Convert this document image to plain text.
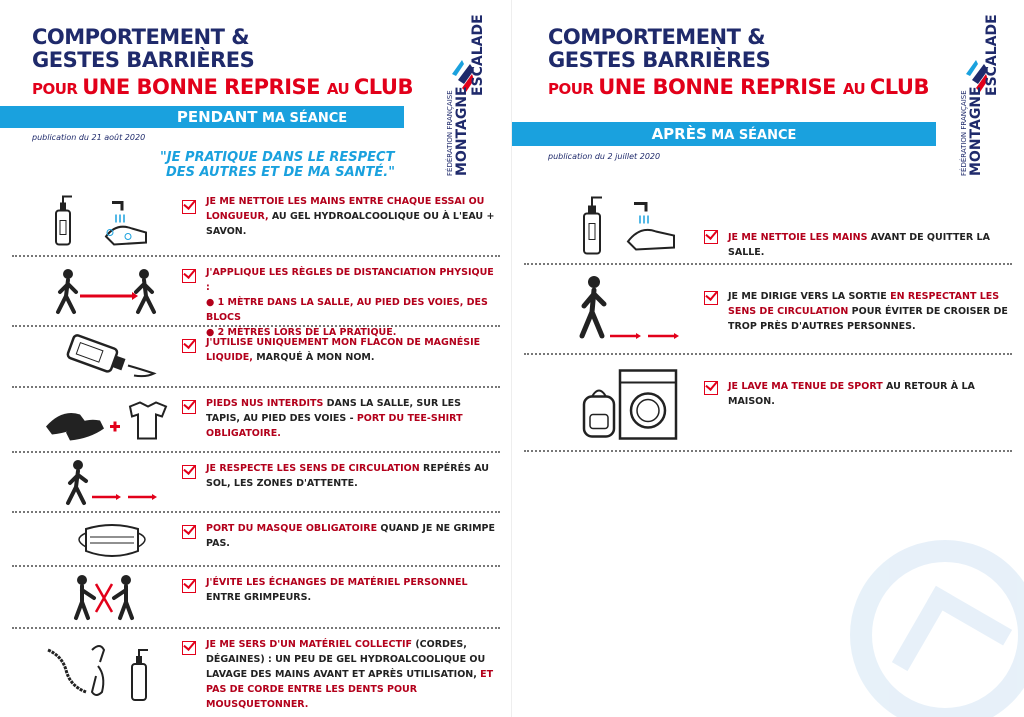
COMPORTEMENT &
GESTES BARRIÈRES
POUR UNE BONNE REPRISE AU CLUB
FÉDÉRATION FRANÇAISE MONTAGNE
ESCALADE
PENDANT MA SÉANCE
publication du 21 août 2020
"JE PRATIQUE DANS LE RESPECT
DES AUTRES ET DE MA SANTÉ."
JE ME NETTOIE LES MAINS ENTRE CHAQUE ESSAI OU LONGUEUR, AU GEL HYDROALCOOLIQUE OU À L'EAU + SAVON.
J'APPLIQUE LES RÈGLES DE DISTANCIATION PHYSIQUE :
● 1 MÈTRE DANS LA SALLE, AU PIED DES VOIES, DES BLOCS
● 2 MÈTRES LORS DE LA PRATIQUE.
J'UTILISE UNIQUEMENT MON FLACON DE MAGNÉSIE LIQUIDE, MARQUÉ À MON NOM.
PIEDS NUS INTERDITS DANS LA SALLE, SUR LES TAPIS, AU PIED DES VOIES - PORT DU TEE-SHIRT OBLIGATOIRE.
JE RESPECTE LES SENS DE CIRCULATION REPÉRÉS AU SOL, LES ZONES D'ATTENTE.
PORT DU MASQUE OBLIGATOIRE QUAND JE NE GRIMPE PAS.
J'ÉVITE LES ÉCHANGES DE MATÉRIEL PERSONNEL ENTRE GRIMPEURS.
JE ME SERS D'UN MATÉRIEL COLLECTIF (CORDES, DÉGAINES) : UN PEU DE GEL HYDROALCOOLIQUE OU LAVAGE DES MAINS AVANT ET APRÈS UTILISATION, ET PAS DE CORDE ENTRE LES DENTS POUR MOUSQUETONNER.
COMPORTEMENT &
GESTES BARRIÈRES
POUR UNE BONNE REPRISE AU CLUB
FÉDÉRATION FRANÇAISE MONTAGNE
ESCALADE
APRÈS MA SÉANCE
publication du 2 juillet 2020
JE ME NETTOIE LES MAINS AVANT DE QUITTER LA SALLE.
JE ME DIRIGE VERS LA SORTIE EN RESPECTANT LES SENS DE CIRCULATION POUR ÉVITER DE CROISER DE TROP PRÈS D'AUTRES PERSONNES.
JE LAVE MA TENUE DE SPORT AU RETOUR À LA MAISON.
